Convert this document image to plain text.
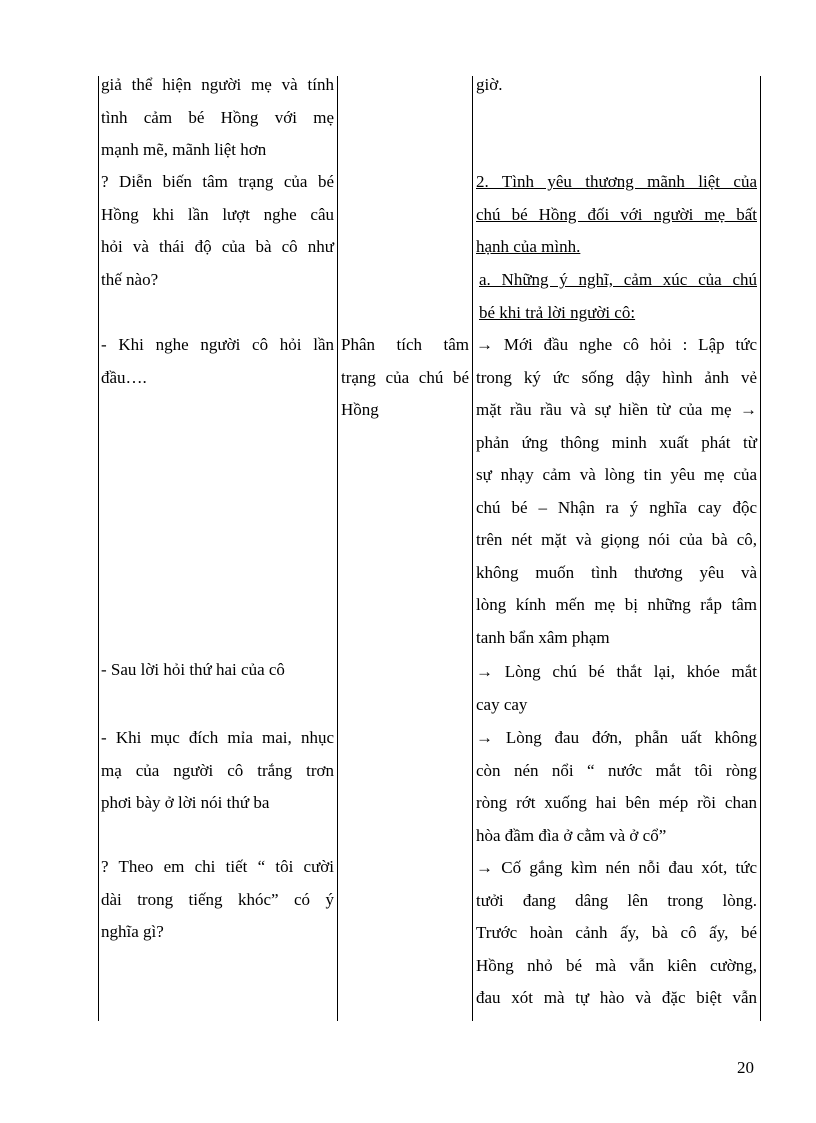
giả thể hiện người mẹ và tính

tình cảm bé Hồng với mẹ

mạnh mẽ, mãnh liệt hơn

? Diễn biến tâm trạng của bé

Hồng khi lần lượt nghe câu

hỏi và thái độ của bà cô như

thế nào?

- Khi nghe người cô hỏi lần

đầu….

- Sau lời hỏi thứ hai của cô

- Khi mục đích mỉa mai, nhục

mạ của người cô trắng trơn

phơi bày ở lời nói thứ ba

? Theo em chi tiết “ tôi cười

dài trong tiếng khóc” có ý

nghĩa gì?

Phân tích tâm

trạng của chú bé

Hồng

giờ.

2. Tình yêu thương mãnh liệt của

chú bé Hồng đối với người mẹ bất

hạnh của mình.

a. Những ý nghĩ, cảm xúc của chú

bé khi trả lời người cô:

→ Mới đầu nghe cô hỏi : Lập tức

trong ký ức sống dậy hình ảnh vẻ

mặt rầu rầu và sự hiền từ của mẹ →

phản ứng thông minh xuất phát từ

sự nhạy cảm và lòng tin yêu mẹ của

chú bé – Nhận ra ý nghĩa cay độc

trên nét mặt và giọng nói của bà cô,

không muốn tình thương yêu và

lòng kính mến mẹ bị những rắp tâm

tanh bẩn xâm phạm

→ Lòng chú bé thắt lại, khóe mắt

cay cay

→ Lòng đau đớn, phẫn uất không

còn nén nổi “ nước mắt tôi ròng

ròng rớt xuống hai bên mép rồi chan

hòa đầm đìa ở cằm và ở cổ”

→ Cố gắng kìm nén nỗi đau xót, tức

tưởi đang dâng lên trong lòng.

Trước hoàn cảnh ấy, bà cô ấy, bé

Hồng nhỏ bé mà vẫn kiên cường,

đau xót mà tự hào và đặc biệt vẫn

20
